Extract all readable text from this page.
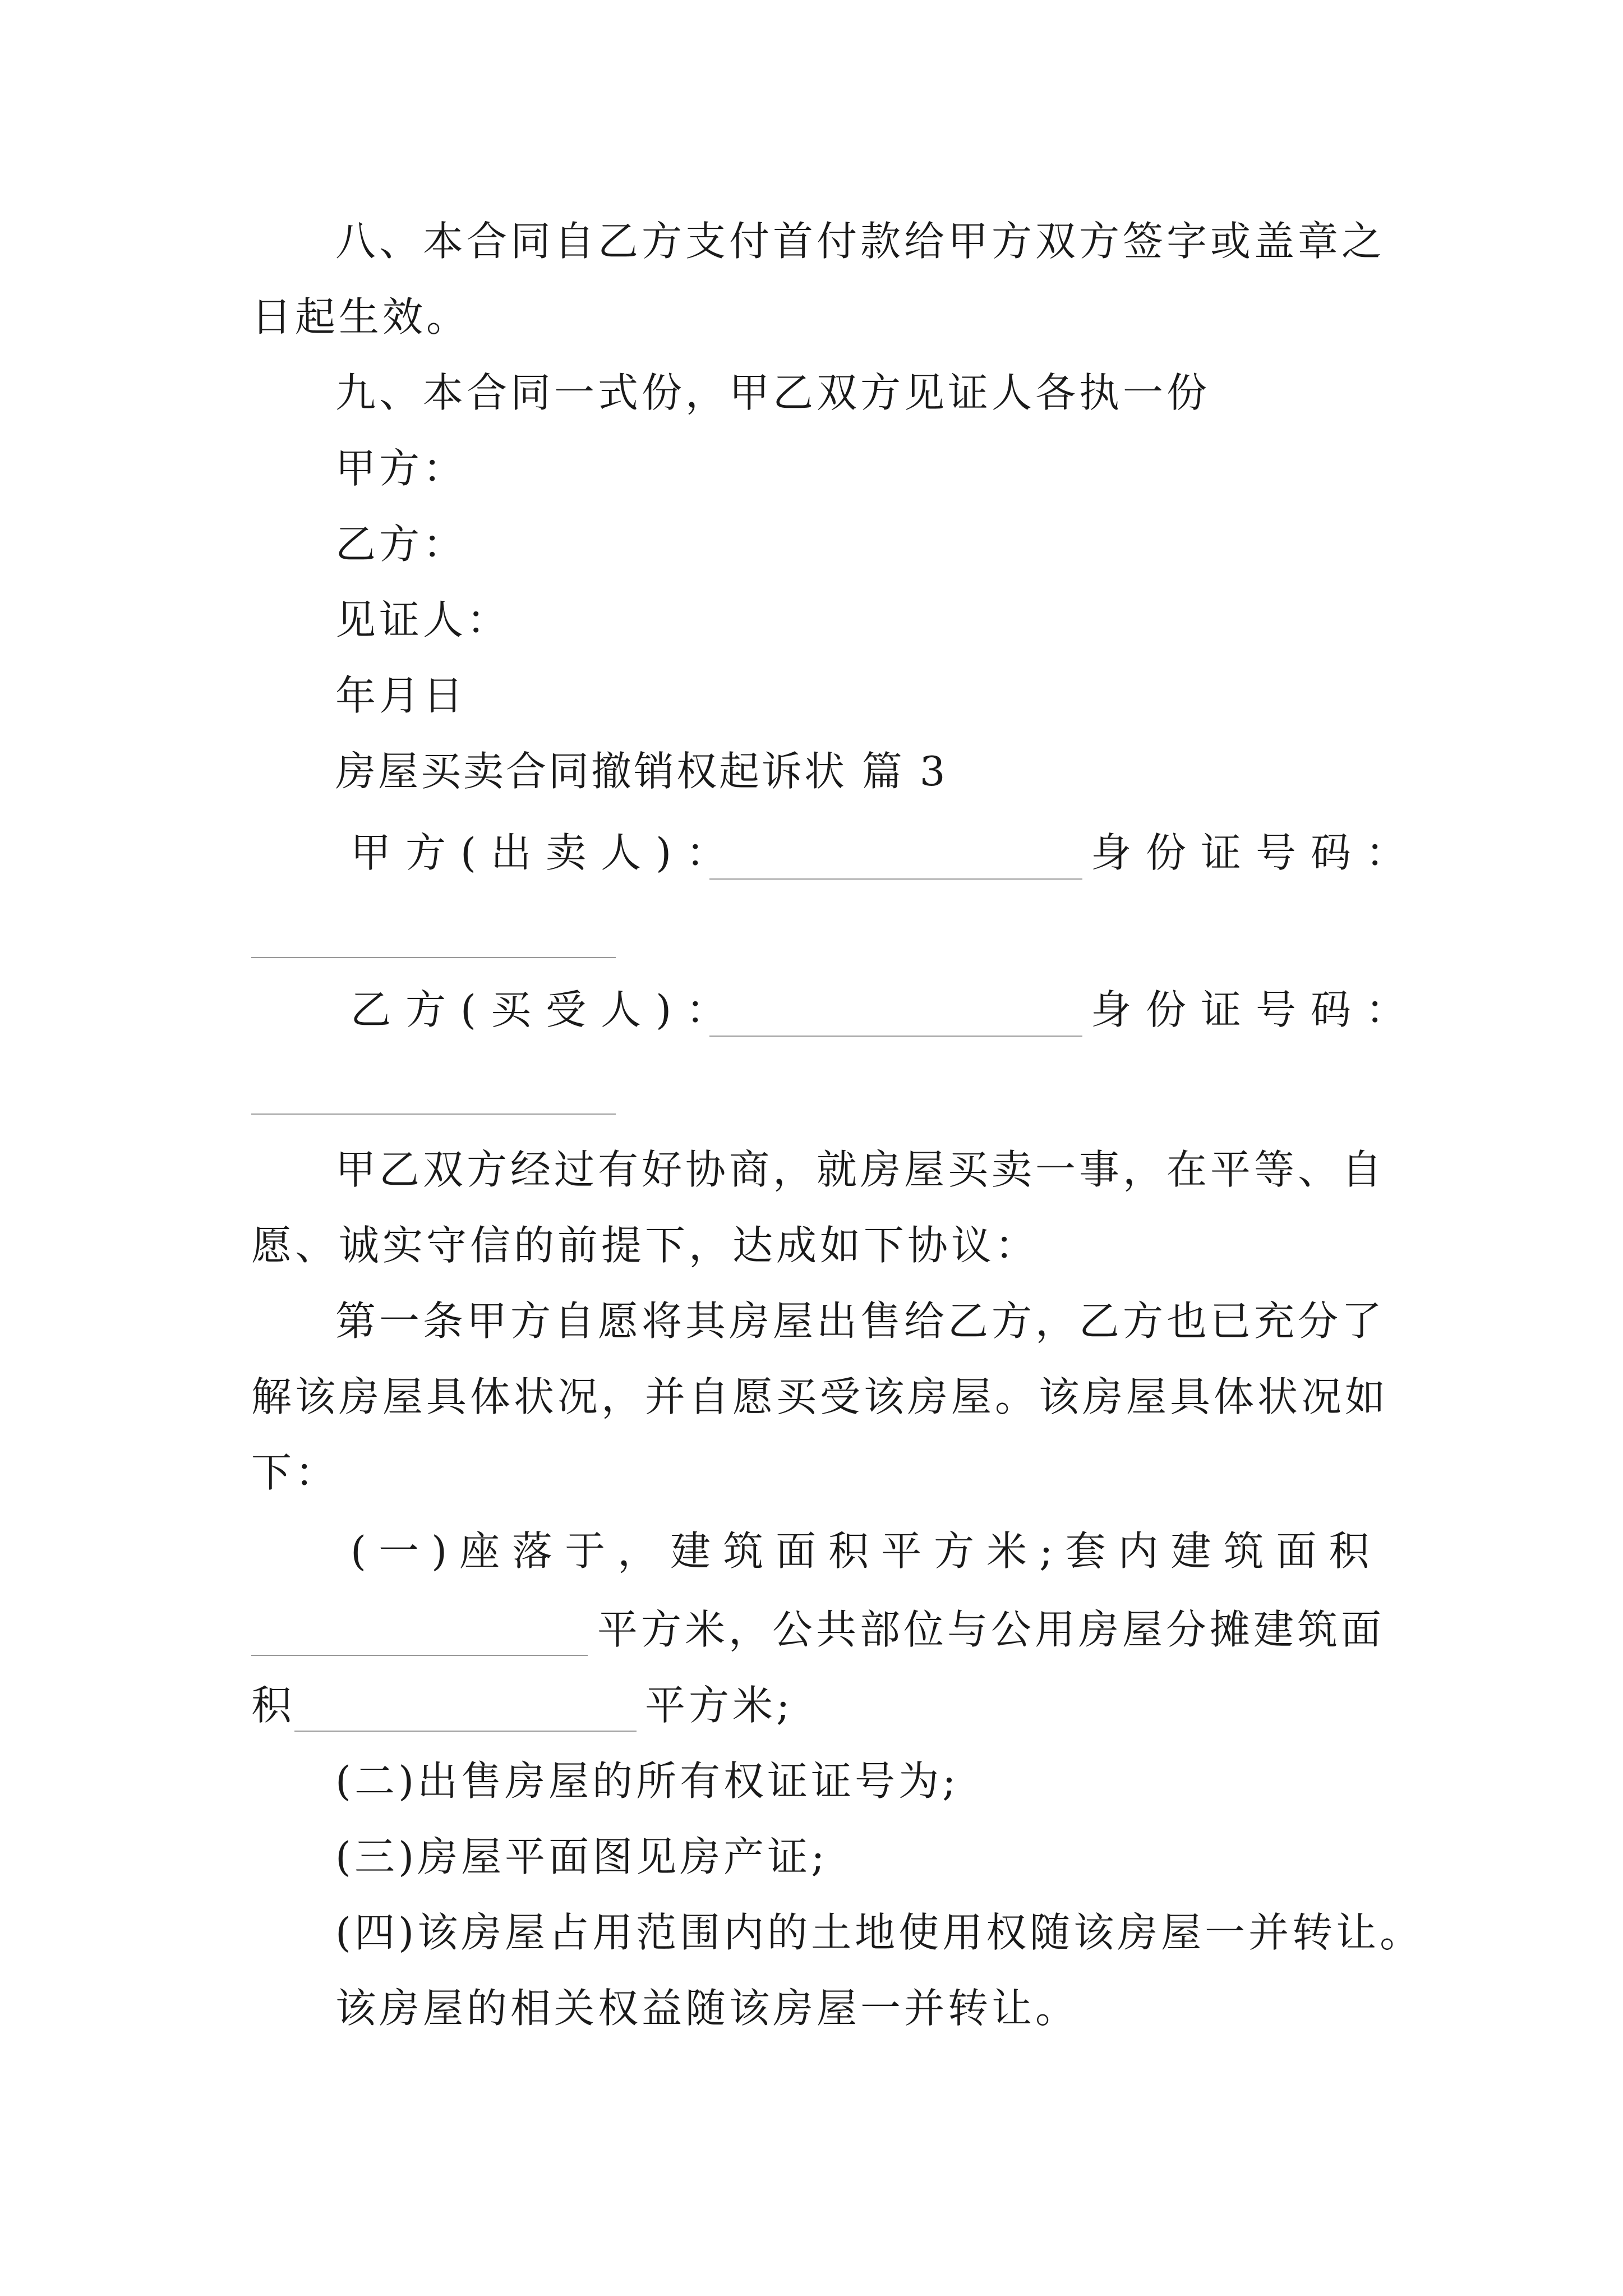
八、本合同自乙方支付首付款给甲方双方签字或盖章之
日起生效。
九、本合同一式份，甲乙双方见证人各执一份
甲方：
乙方：
见证人：
年月日
房屋买卖合同撤销权起诉状 篇 3
甲方(出卖人)：	身份证号码：
乙方(买受人)：	身份证号码：
甲乙双方经过有好协商，就房屋买卖一事，在平等、自
愿、诚实守信的前提下，达成如下协议：
第一条甲方自愿将其房屋出售给乙方，乙方也已充分了
解该房屋具体状况，并自愿买受该房屋。该房屋具体状况如
下：
(一)座落于，建筑面积平方米;套内建筑面积
平方米，公共部位与公用房屋分摊建筑面
积	平方米;
(二)出售房屋的所有权证证号为;
(三)房屋平面图见房产证;
(四)该房屋占用范围内的土地使用权随该房屋一并转让。
该房屋的相关权益随该房屋一并转让。
